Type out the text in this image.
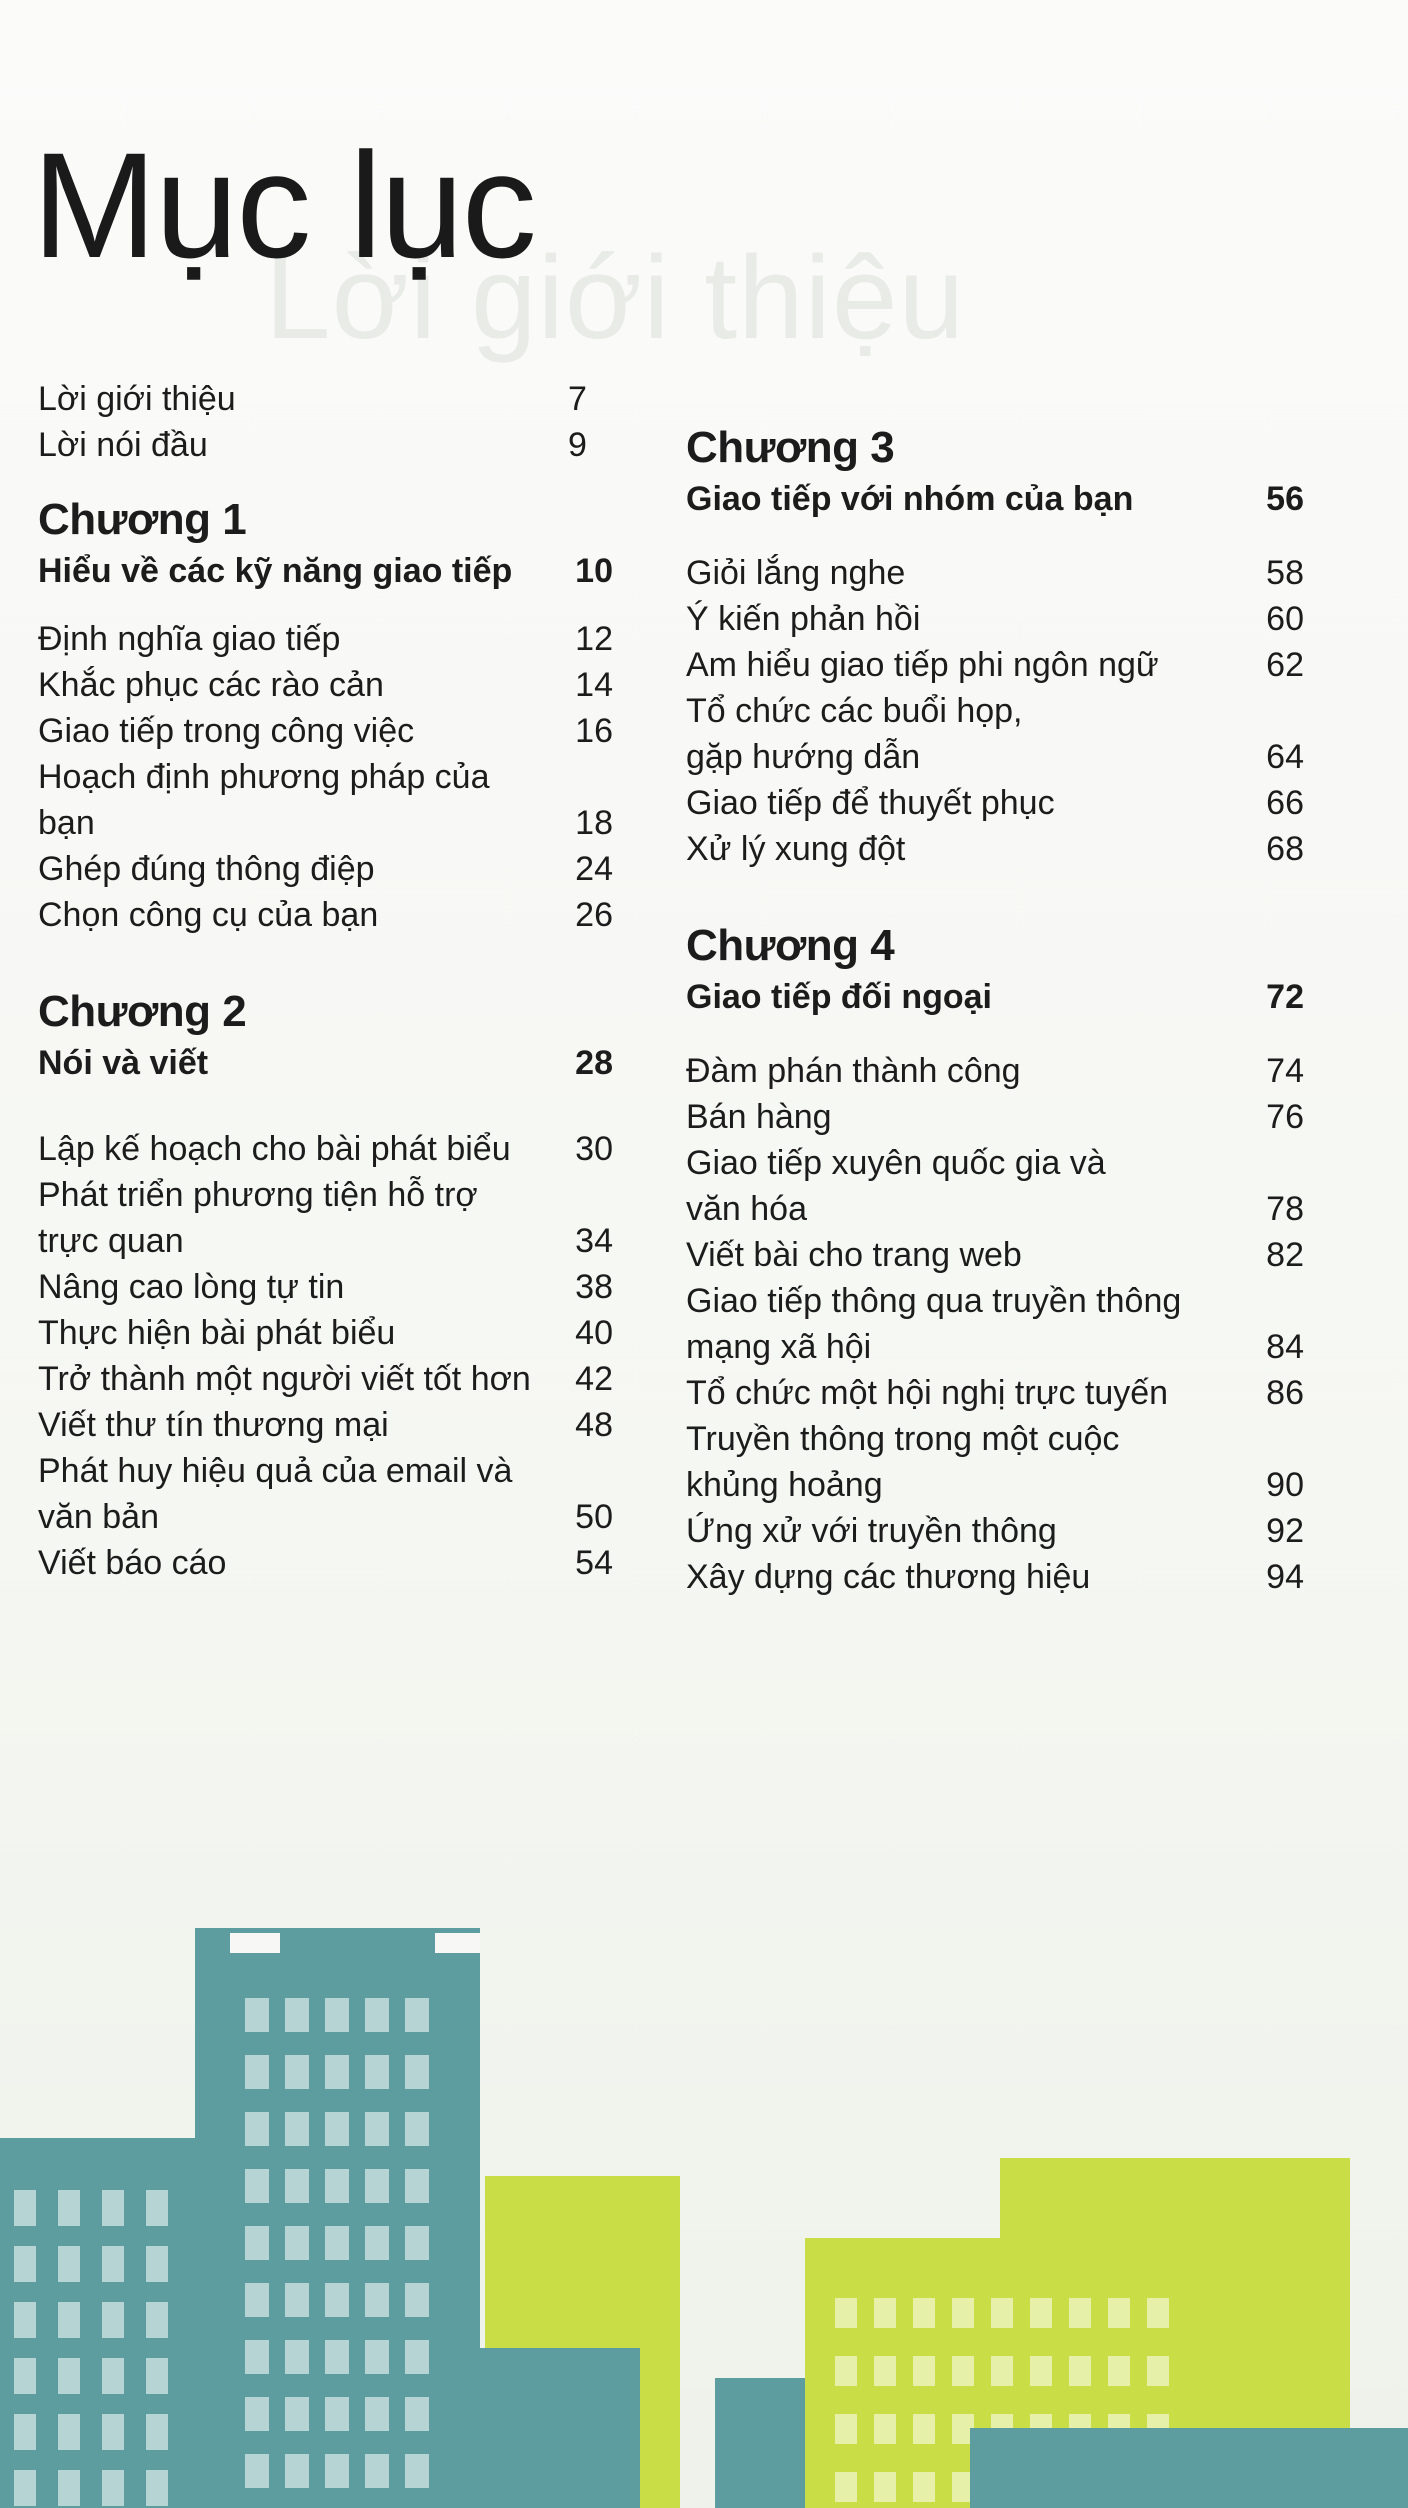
Lời giới thiệu
Mục lục
Lời giới thiệu	7
Lời nói đầu	9
Chương 1
Hiểu về các kỹ năng giao tiếp	10
Định nghĩa giao tiếp	12
Khắc phục các rào cản	14
Giao tiếp trong công việc	16
Hoạch định phương pháp của bạn	18
Ghép đúng thông điệp	24
Chọn công cụ của bạn	26
Chương 2
Nói và viết	28
Lập kế hoạch cho bài phát biểu	30
Phát triển phương tiện hỗ trợ
trực quan	34
Nâng cao lòng tự tin	38
Thực hiện bài phát biểu	40
Trở thành một người viết tốt hơn	42
Viết thư tín thương mại	48
Phát huy hiệu quả của email và
văn bản	50
Viết báo cáo	54
Chương 3
Giao tiếp với nhóm của bạn	56
Giỏi lắng nghe	58
Ý kiến phản hồi	60
Am hiểu giao tiếp phi ngôn ngữ	62
Tổ chức các buổi họp,
gặp hướng dẫn	64
Giao tiếp để thuyết phục	66
Xử lý xung đột	68
Chương 4
Giao tiếp đối ngoại	72
Đàm phán thành công	74
Bán hàng	76
Giao tiếp xuyên quốc gia và
văn hóa	78
Viết bài cho trang web	82
Giao tiếp thông qua truyền thông
mạng xã hội	84
Tổ chức một hội nghị trực tuyến	86
Truyền thông trong một cuộc
khủng hoảng	90
Ứng xử với truyền thông	92
Xây dựng các thương hiệu	94
